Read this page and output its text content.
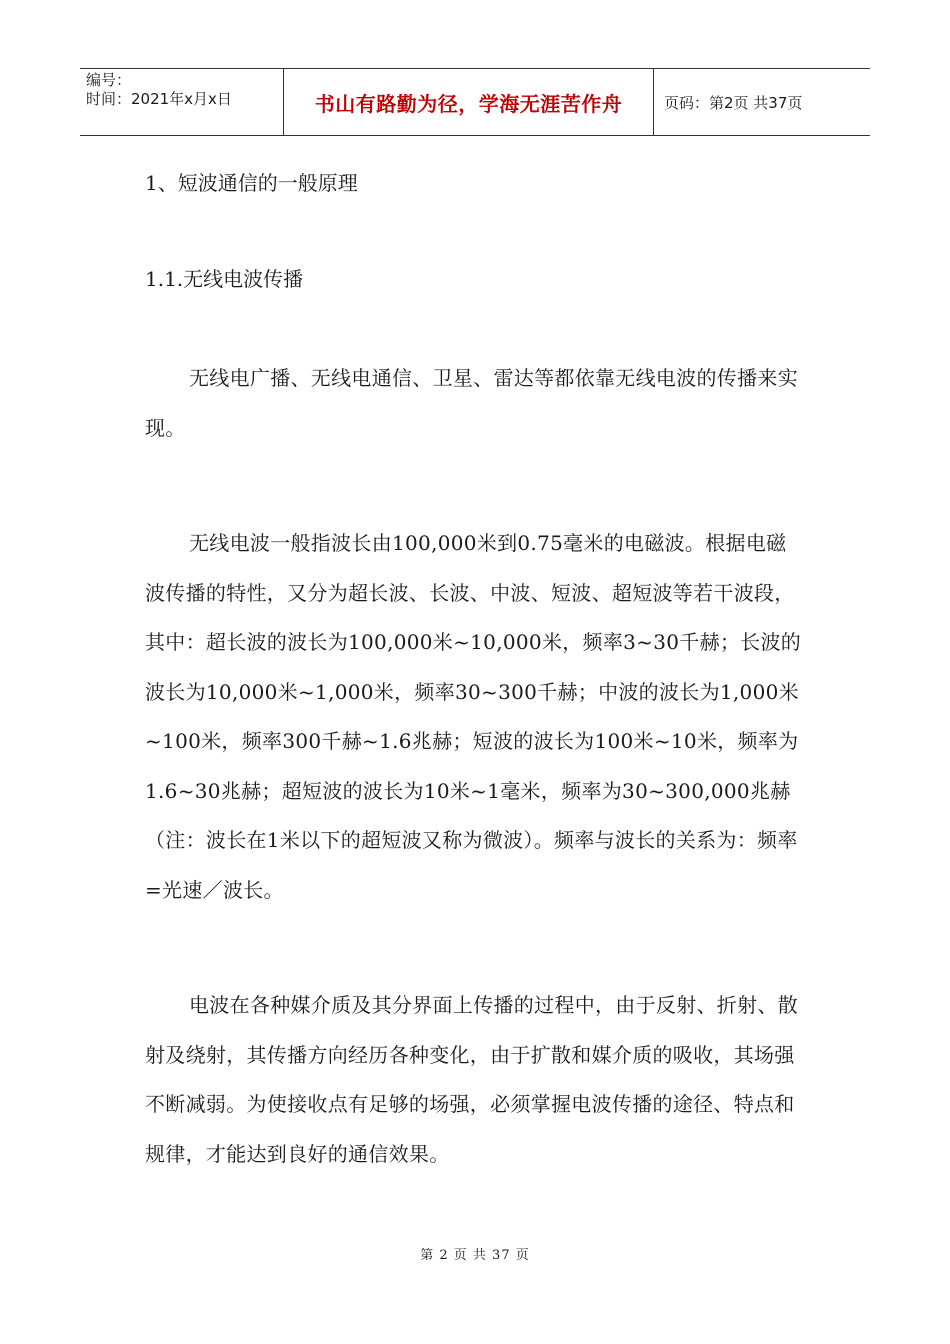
编号：
时间：2021年x月x日	书山有路勤为径，学海无涯苦作舟	页码：第2页 共37页

1、短波通信的一般原理

1.1.无线电波传播

无线电广播、无线电通信、卫星、雷达等都依靠无线电波的传播来实现。

无线电波一般指波长由100,000米到0.75毫米的电磁波。根据电磁波传播的特性，又分为超长波、长波、中波、短波、超短波等若干波段，其中：超长波的波长为100,000米~10,000米，频率3~30千赫；长波的波长为10,000米~1,000米，频率30~300千赫；中波的波长为1,000米~100米，频率300千赫~1.6兆赫；短波的波长为100米~10米，频率为1.6~30兆赫；超短波的波长为10米~1毫米，频率为30~300,000兆赫（注：波长在1米以下的超短波又称为微波）。频率与波长的关系为：频率=光速／波长。

电波在各种媒介质及其分界面上传播的过程中，由于反射、折射、散射及绕射，其传播方向经历各种变化，由于扩散和媒介质的吸收，其场强不断减弱。为使接收点有足够的场强，必须掌握电波传播的途径、特点和规律，才能达到良好的通信效果。

第 2 页 共 37 页
